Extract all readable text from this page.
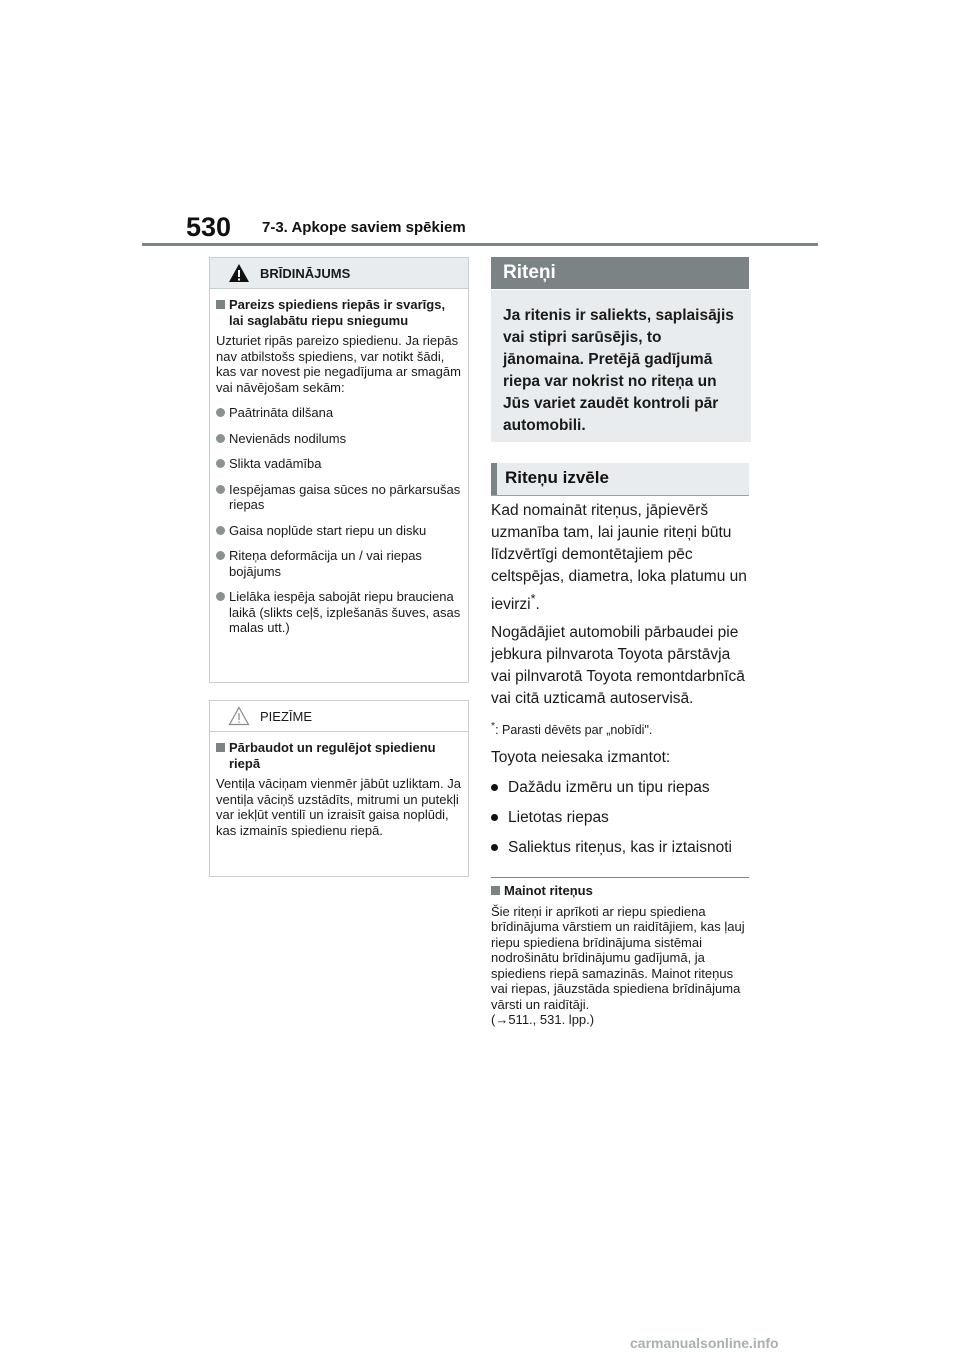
530 7-3. Apkope saviem spēkiem
BRĪDINĀJUMS
Pareizs spiediens riepās ir svarīgs, lai saglabātu riepu sniegumu
Uzturiet ripās pareizo spiedienu. Ja riepās nav atbilstošs spiediens, var notikt šādi, kas var novest pie negadījuma ar smagām vai nāvējošam sekām:
Paātrināta dilšana
Nevienāds nodilums
Slikta vadāmība
Iespējamas gaisa sūces no pārkarsušas riepas
Gaisa noplūde start riepu un disku
Riteņa deformācija un / vai riepas bojājums
Lielāka iespēja sabojāt riepu brauciena laikā (slikts ceļš, izplešanās šuves, asas malas utt.)
PIEZĪME
Pārbaudot un regulējot spiedienu riepā
Ventiļa vāciņam vienmēr jābūt uzliktam. Ja ventiļa vāciņš uzstādīts, mitrumi un putekļi var iekļūt ventilī un izraisīt gaisa noplūdi, kas izmainīs spiedienu riepā.
Riteņi

Ja ritenis ir saliekts, saplaisājis vai stipri sarūsējis, to jānomaina. Pretējā gadījumā riepa var nokrist no riteņa un Jūs variet zaudēt kontroli pār automobili.

Riteņu izvēle
Kad nomaināt riteņus, jāpievērš uzmanība tam, lai jaunie riteņi būtu līdzvērtīgi demontētajiem pēc celtspējas, diametra, loka platumu un ievirzi*.
Nogādājiet automobili pārbaudei pie jebkura pilnvarota Toyota pārstāvja vai pilnvarotā Toyota remontdarbnīcā vai citā uzticamā autoservisā.
*: Parasti dēvēts par „nobīdi".
Toyota neiesaka izmantot:
Dažādu izmēru un tipu riepas
Lietotas riepas
Saliektus riteņus, kas ir iztaisnoti
Mainot riteņus
Šie riteņi ir aprīkoti ar riepu spiediena brīdinājuma vārstiem un raidītājiem, kas ļauj riepu spiediena brīdinājuma sistēmai nodrošinātu brīdinājumu gadījumā, ja spiediens riepā samazinās. Mainot riteņus vai riepas, jāuzstāda spiediena brīdinājuma vārsti un raidītāji.
(→511., 531. lpp.)
carmanualsonline.info
